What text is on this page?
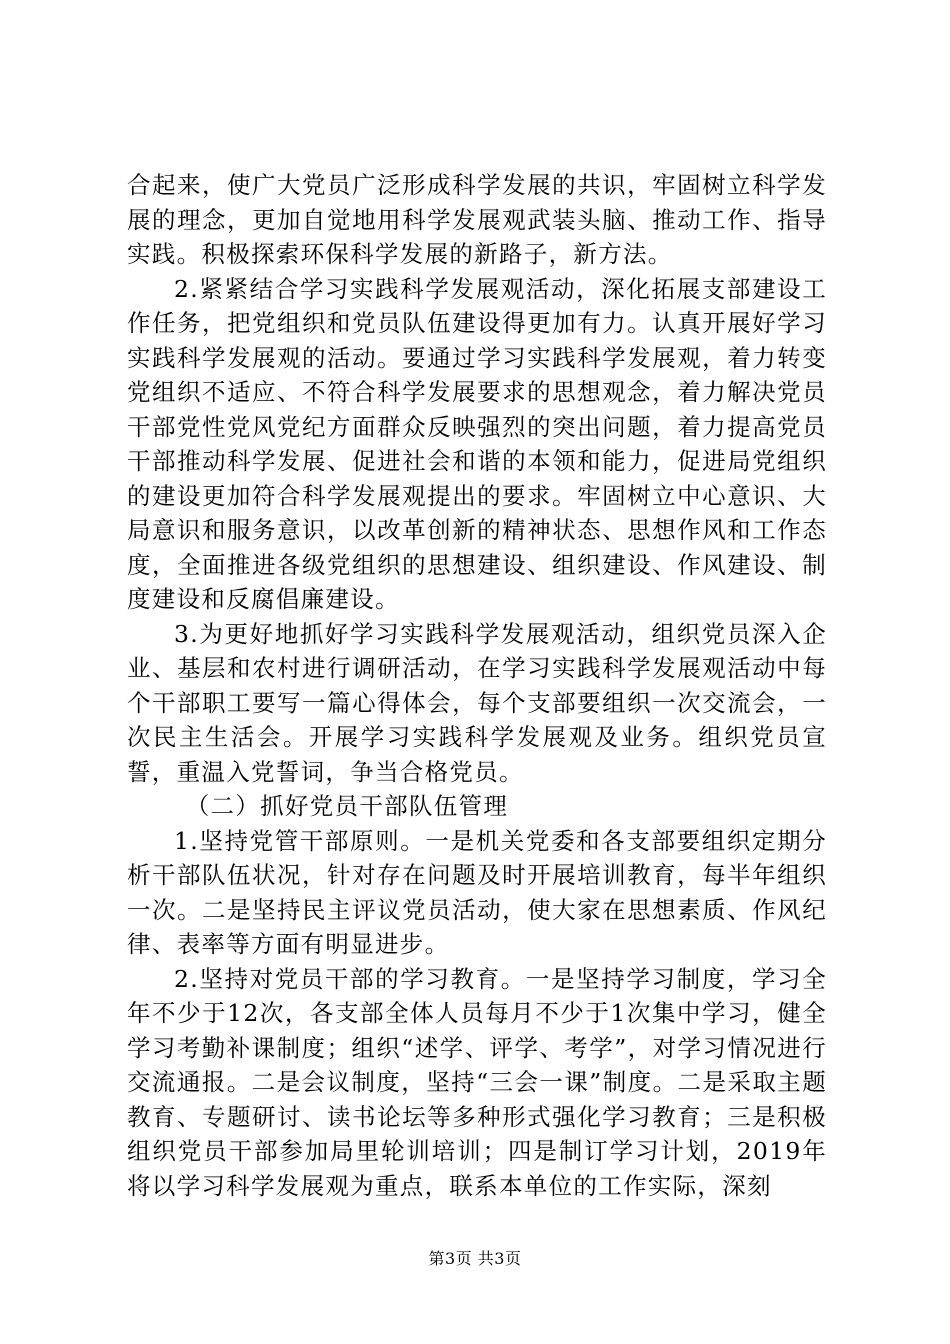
合起来，使广大党员广泛形成科学发展的共识，牢固树立科学发展的理念，更加自觉地用科学发展观武装头脑、推动工作、指导实践。积极探索环保科学发展的新路子，新方法。

2.紧紧结合学习实践科学发展观活动，深化拓展支部建设工作任务，把党组织和党员队伍建设得更加有力。认真开展好学习实践科学发展观的活动。要通过学习实践科学发展观，着力转变党组织不适应、不符合科学发展要求的思想观念，着力解决党员干部党性党风党纪方面群众反映强烈的突出问题，着力提高党员干部推动科学发展、促进社会和谐的本领和能力，促进局党组织的建设更加符合科学发展观提出的要求。牢固树立中心意识、大局意识和服务意识，以改革创新的精神状态、思想作风和工作态度，全面推进各级党组织的思想建设、组织建设、作风建设、制度建设和反腐倡廉建设。

3.为更好地抓好学习实践科学发展观活动，组织党员深入企业、基层和农村进行调研活动，在学习实践科学发展观活动中每个干部职工要写一篇心得体会，每个支部要组织一次交流会，一次民主生活会。开展学习实践科学发展观及业务。组织党员宣誓，重温入党誓词，争当合格党员。

（二）抓好党员干部队伍管理

1.坚持党管干部原则。一是机关党委和各支部要组织定期分析干部队伍状况，针对存在问题及时开展培训教育，每半年组织一次。二是坚持民主评议党员活动，使大家在思想素质、作风纪律、表率等方面有明显进步。

2.坚持对党员干部的学习教育。一是坚持学习制度，学习全年不少于12次，各支部全体人员每月不少于1次集中学习，健全学习考勤补课制度；组织“述学、评学、考学”，对学习情况进行交流通报。二是会议制度，坚持“三会一课”制度。二是采取主题教育、专题研讨、读书论坛等多种形式强化学习教育；三是积极组织党员干部参加局里轮训培训；四是制订学习计划，2019年将以学习科学发展观为重点，联系本单位的工作实际，深刻

第3页 共3页
